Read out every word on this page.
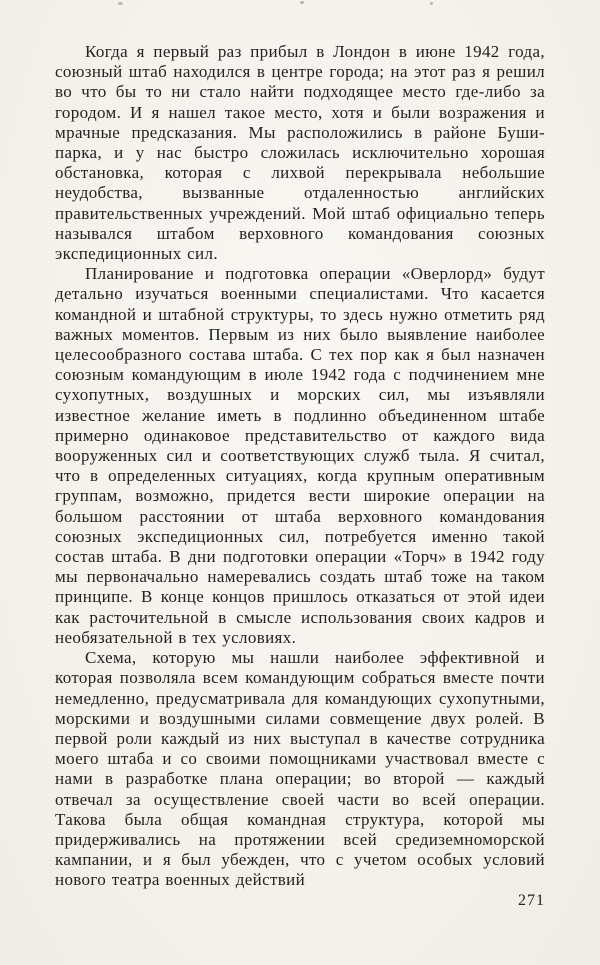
Когда я первый раз прибыл в Лондон в июне 1942 года, союзный штаб находился в центре города; на этот раз я решил во что бы то ни стало найти подходящее место где-либо за городом. И я нашел такое место, хотя и были возражения и мрачные предсказания. Мы расположились в районе Буши-парка, и у нас быстро сложилась исключительно хорошая обстановка, которая с лихвой перекрывала небольшие неудобства, вызванные отдаленностью английских правительственных учреждений. Мой штаб официально теперь назывался штабом верховного командования союзных экспедиционных сил.

Планирование и подготовка операции «Оверлорд» будут детально изучаться военными специалистами. Что касается командной и штабной структуры, то здесь нужно отметить ряд важных моментов. Первым из них было выявление наиболее целесообразного состава штаба. С тех пор как я был назначен союзным командующим в июле 1942 года с подчинением мне сухопутных, воздушных и морских сил, мы изъявляли известное желание иметь в подлинно объединенном штабе примерно одинаковое представительство от каждого вида вооруженных сил и соответствующих служб тыла. Я считал, что в определенных ситуациях, когда крупным оперативным группам, возможно, придется вести широкие операции на большом расстоянии от штаба верховного командования союзных экспедиционных сил, потребуется именно такой состав штаба. В дни подготовки операции «Торч» в 1942 году мы первоначально намеревались создать штаб тоже на таком принципе. В конце концов пришлось отказаться от этой идеи как расточительной в смысле использования своих кадров и необязательной в тех условиях.

Схема, которую мы нашли наиболее эффективной и которая позволяла всем командующим собраться вместе почти немедленно, предусматривала для командующих сухопутными, морскими и воздушными силами совмещение двух ролей. В первой роли каждый из них выступал в качестве сотрудника моего штаба и со своими помощниками участвовал вместе с нами в разработке плана операции; во второй — каждый отвечал за осуществление своей части во всей операции. Такова была общая командная структура, которой мы придерживались на протяжении всей средиземноморской кампании, и я был убежден, что с учетом особых условий нового театра военных действий

271
